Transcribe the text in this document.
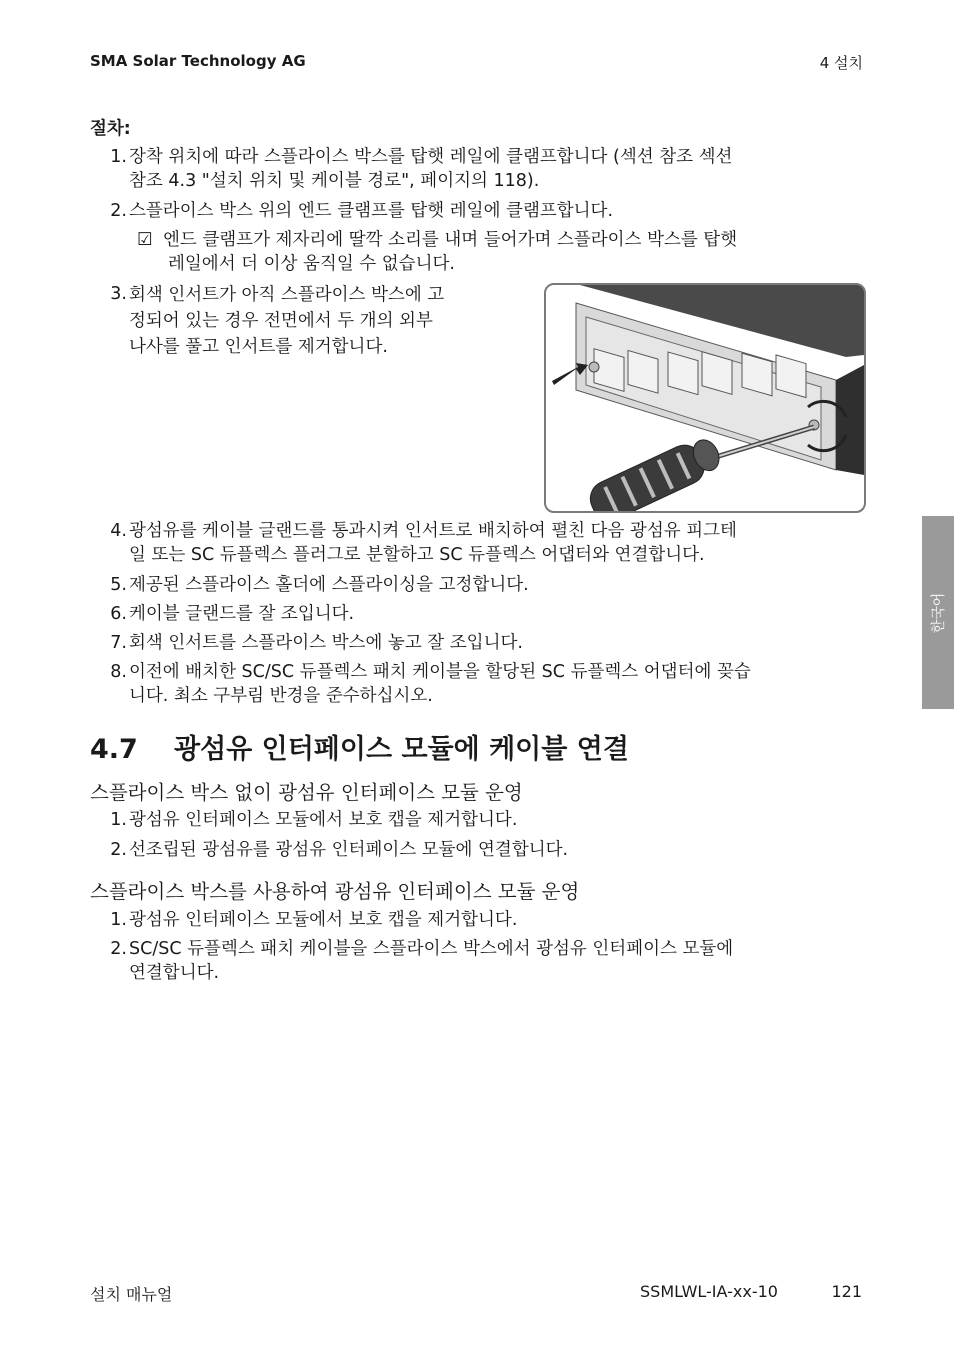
SMA Solar Technology AG	4 설치
절차:
1. 장착 위치에 따라 스플라이스 박스를 탑햇 레일에 클램프합니다 (섹션 참조 섹션
참조 4.3 "설치 위치 및 케이블 경로", 페이지의 118).
2. 스플라이스 박스 위의 엔드 클램프를 탑햇 레일에 클램프합니다.
☑ 엔드 클램프가 제자리에 딸깍 소리를 내며 들어가며 스플라이스 박스를 탑햇
레일에서 더 이상 움직일 수 없습니다.
3. 회색 인서트가 아직 스플라이스 박스에 고
정되어 있는 경우 전면에서 두 개의 외부
나사를 풀고 인서트를 제거합니다.
4. 광섬유를 케이블 글랜드를 통과시켜 인서트로 배치하여 펼친 다음 광섬유 피그테
일 또는 SC 듀플렉스 플러그로 분할하고 SC 듀플렉스 어댑터와 연결합니다.
5. 제공된 스플라이스 홀더에 스플라이싱을 고정합니다.
6. 케이블 글랜드를 잘 조입니다.
7. 회색 인서트를 스플라이스 박스에 놓고 잘 조입니다.
8. 이전에 배치한 SC/SC 듀플렉스 패치 케이블을 할당된 SC 듀플렉스 어댑터에 꽂습
니다. 최소 구부림 반경을 준수하십시오.
4.7 광섬유 인터페이스 모듈에 케이블 연결
스플라이스 박스 없이 광섬유 인터페이스 모듈 운영
1. 광섬유 인터페이스 모듈에서 보호 캡을 제거합니다.
2. 선조립된 광섬유를 광섬유 인터페이스 모듈에 연결합니다.
스플라이스 박스를 사용하여 광섬유 인터페이스 모듈 운영
1. 광섬유 인터페이스 모듈에서 보호 캡을 제거합니다.
2. SC/SC 듀플렉스 패치 케이블을 스플라이스 박스에서 광섬유 인터페이스 모듈에
연결합니다.
한국어
설치 매뉴얼	SSMLWL-IA-xx-10	121
